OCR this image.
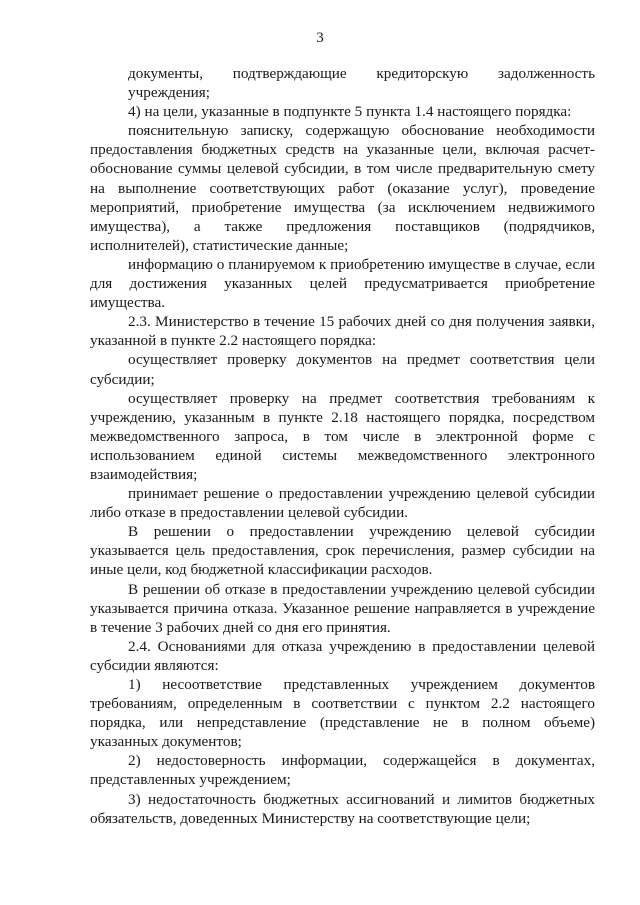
3

документы, подтверждающие кредиторскую задолженность учреждения;

4) на цели, указанные в подпункте 5 пункта 1.4 настоящего порядка:

пояснительную записку, содержащую обоснование необходимости предоставления бюджетных средств на указанные цели, включая расчет-обоснование суммы целевой субсидии, в том числе предварительную смету на выполнение соответствующих работ (оказание услуг), проведение мероприятий, приобретение имущества (за исключением недвижимого имущества), а также предложения поставщиков (подрядчиков, исполнителей), статистические данные;

информацию о планируемом к приобретению имуществе в случае, если для достижения указанных целей предусматривается приобретение имущества.

2.3. Министерство в течение 15 рабочих дней со дня получения заявки, указанной в пункте 2.2 настоящего порядка:

осуществляет проверку документов на предмет соответствия цели субсидии;

осуществляет проверку на предмет соответствия требованиям к учреждению, указанным в пункте 2.18 настоящего порядка, посредством межведомственного запроса, в том числе в электронной форме с использованием единой системы межведомственного электронного взаимодействия;

принимает решение о предоставлении учреждению целевой субсидии либо отказе в предоставлении целевой субсидии.

В решении о предоставлении учреждению целевой субсидии указывается цель предоставления, срок перечисления, размер субсидии на иные цели, код бюджетной классификации расходов.

В решении об отказе в предоставлении учреждению целевой субсидии указывается причина отказа. Указанное решение направляется в учреждение в течение 3 рабочих дней со дня его принятия.

2.4. Основаниями для отказа учреждению в предоставлении целевой субсидии являются:

1) несоответствие представленных учреждением документов требованиям, определенным в соответствии с пунктом 2.2 настоящего порядка, или непредставление (представление не в полном объеме) указанных документов;

2) недостоверность информации, содержащейся в документах, представленных учреждением;

3) недостаточность бюджетных ассигнований и лимитов бюджетных обязательств, доведенных Министерству на соответствующие цели;
